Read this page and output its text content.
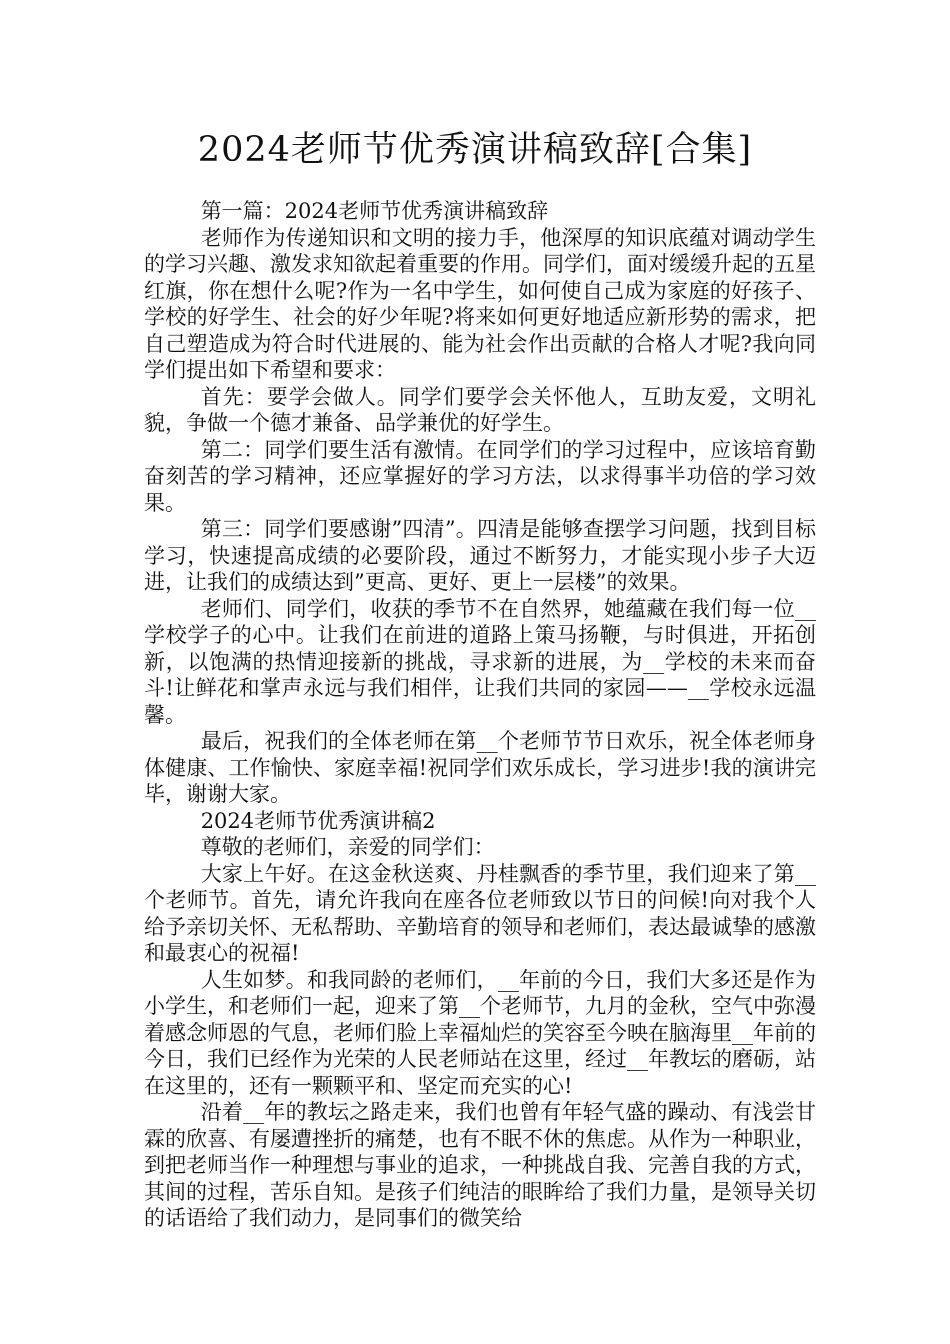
2024老师节优秀演讲稿致辞[合集]

第一篇：2024老师节优秀演讲稿致辞

老师作为传递知识和文明的接力手，他深厚的知识底蕴对调动学生的学习兴趣、激发求知欲起着重要的作用。同学们，面对缓缓升起的五星红旗，你在想什么呢?作为一名中学生，如何使自己成为家庭的好孩子、学校的好学生、社会的好少年呢?将来如何更好地适应新形势的需求，把自己塑造成为符合时代进展的、能为社会作出贡献的合格人才呢?我向同学们提出如下希望和要求：

首先：要学会做人。同学们要学会关怀他人，互助友爱，文明礼貌，争做一个德才兼备、品学兼优的好学生。

第二：同学们要生活有激情。在同学们的学习过程中，应该培育勤奋刻苦的学习精神，还应掌握好的学习方法，以求得事半功倍的学习效果。

第三：同学们要感谢”四清”。四清是能够查摆学习问题，找到目标学习，快速提高成绩的必要阶段，通过不断努力，才能实现小步子大迈进，让我们的成绩达到”更高、更好、更上一层楼”的效果。

老师们、同学们，收获的季节不在自然界，她蕴藏在我们每一位__学校学子的心中。让我们在前进的道路上策马扬鞭，与时俱进，开拓创新，以饱满的热情迎接新的挑战，寻求新的进展，为__学校的未来而奋斗!让鲜花和掌声永远与我们相伴，让我们共同的家园——__学校永远温馨。

最后，祝我们的全体老师在第__个老师节节日欢乐，祝全体老师身体健康、工作愉快、家庭幸福!祝同学们欢乐成长，学习进步!我的演讲完毕，谢谢大家。

2024老师节优秀演讲稿2

尊敬的老师们，亲爱的同学们：

大家上午好。在这金秋送爽、丹桂飘香的季节里，我们迎来了第__个老师节。首先，请允许我向在座各位老师致以节日的问候!向对我个人给予亲切关怀、无私帮助、辛勤培育的领导和老师们，表达最诚挚的感激和最衷心的祝福!

人生如梦。和我同龄的老师们，__年前的今日，我们大多还是作为小学生，和老师们一起，迎来了第__个老师节，九月的金秋，空气中弥漫着感念师恩的气息，老师们脸上幸福灿烂的笑容至今映在脑海里__年前的今日，我们已经作为光荣的人民老师站在这里，经过__年教坛的磨砺，站在这里的，还有一颗颗平和、坚定而充实的心!

沿着__年的教坛之路走来，我们也曾有年轻气盛的躁动、有浅尝甘霖的欣喜、有屡遭挫折的痛楚，也有不眠不休的焦虑。从作为一种职业，到把老师当作一种理想与事业的追求，一种挑战自我、完善自我的方式，其间的过程，苦乐自知。是孩子们纯洁的眼眸给了我们力量，是领导关切的话语给了我们动力，是同事们的微笑给
